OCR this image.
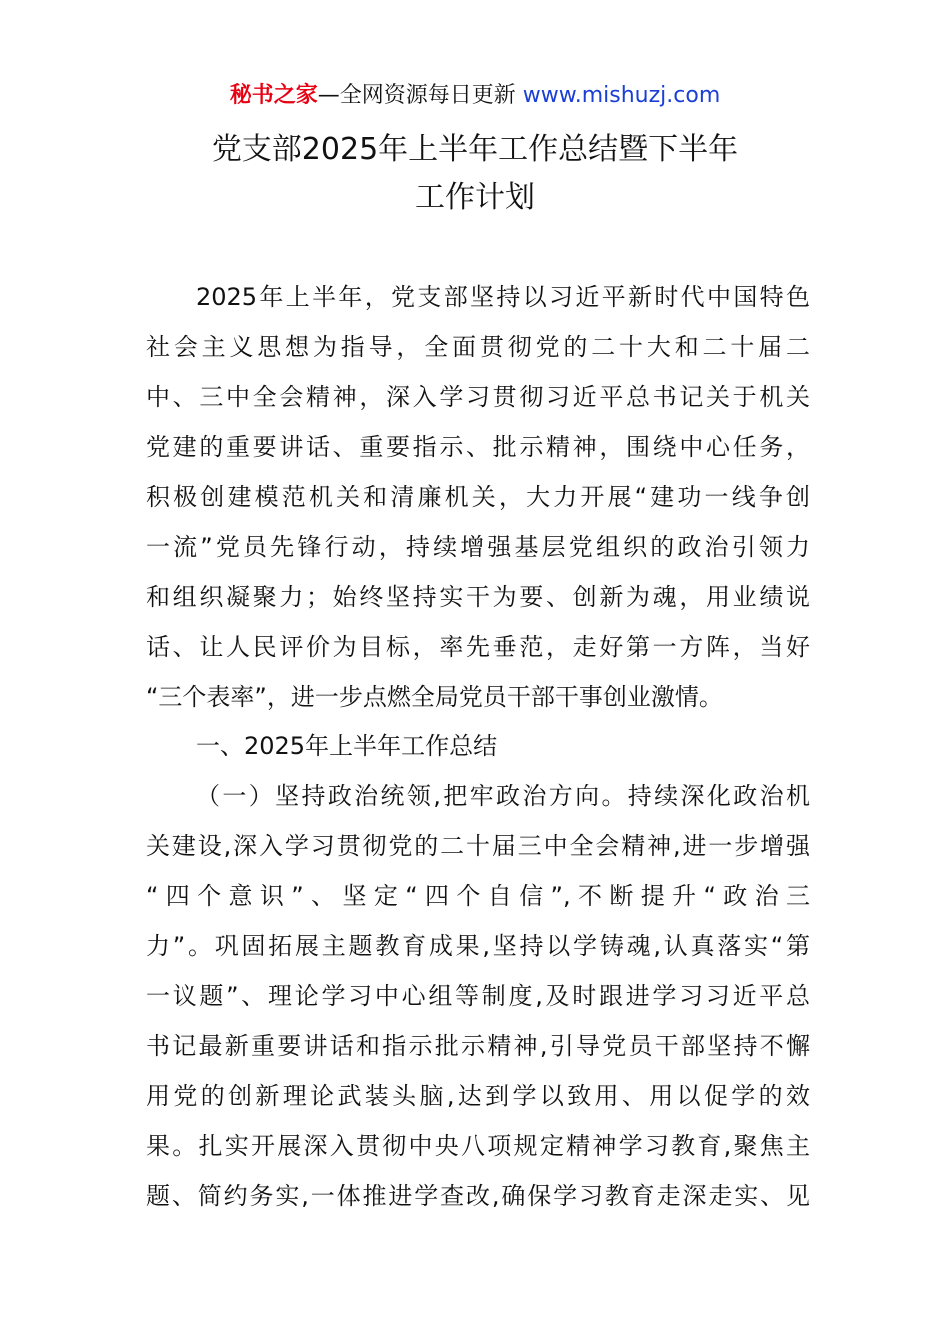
秘书之家—全网资源每日更新 www.mishuzj.com
党支部2025年上半年工作总结暨下半年
工作计划
2025年上半年，党支部坚持以习近平新时代中国特色
社会主义思想为指导，全面贯彻党的二十大和二十届二
中、三中全会精神，深入学习贯彻习近平总书记关于机关
党建的重要讲话、重要指示、批示精神，围绕中心任务，
积极创建模范机关和清廉机关，大力开展“建功一线争创
一流”党员先锋行动，持续增强基层党组织的政治引领力
和组织凝聚力；始终坚持实干为要、创新为魂，用业绩说
话、让人民评价为目标，率先垂范，走好第一方阵，当好
“三个表率”，进一步点燃全局党员干部干事创业激情。
一、2025年上半年工作总结
（一）坚持政治统领,把牢政治方向。持续深化政治机
关建设,深入学习贯彻党的二十届三中全会精神,进一步增强
“四个意识”、坚定“四个自信”,不断提升“政治三
力”。巩固拓展主题教育成果,坚持以学铸魂,认真落实“第
一议题”、理论学习中心组等制度,及时跟进学习习近平总
书记最新重要讲话和指示批示精神,引导党员干部坚持不懈
用党的创新理论武装头脑,达到学以致用、用以促学的效
果。扎实开展深入贯彻中央八项规定精神学习教育,聚焦主
题、简约务实,一体推进学查改,确保学习教育走深走实、见
